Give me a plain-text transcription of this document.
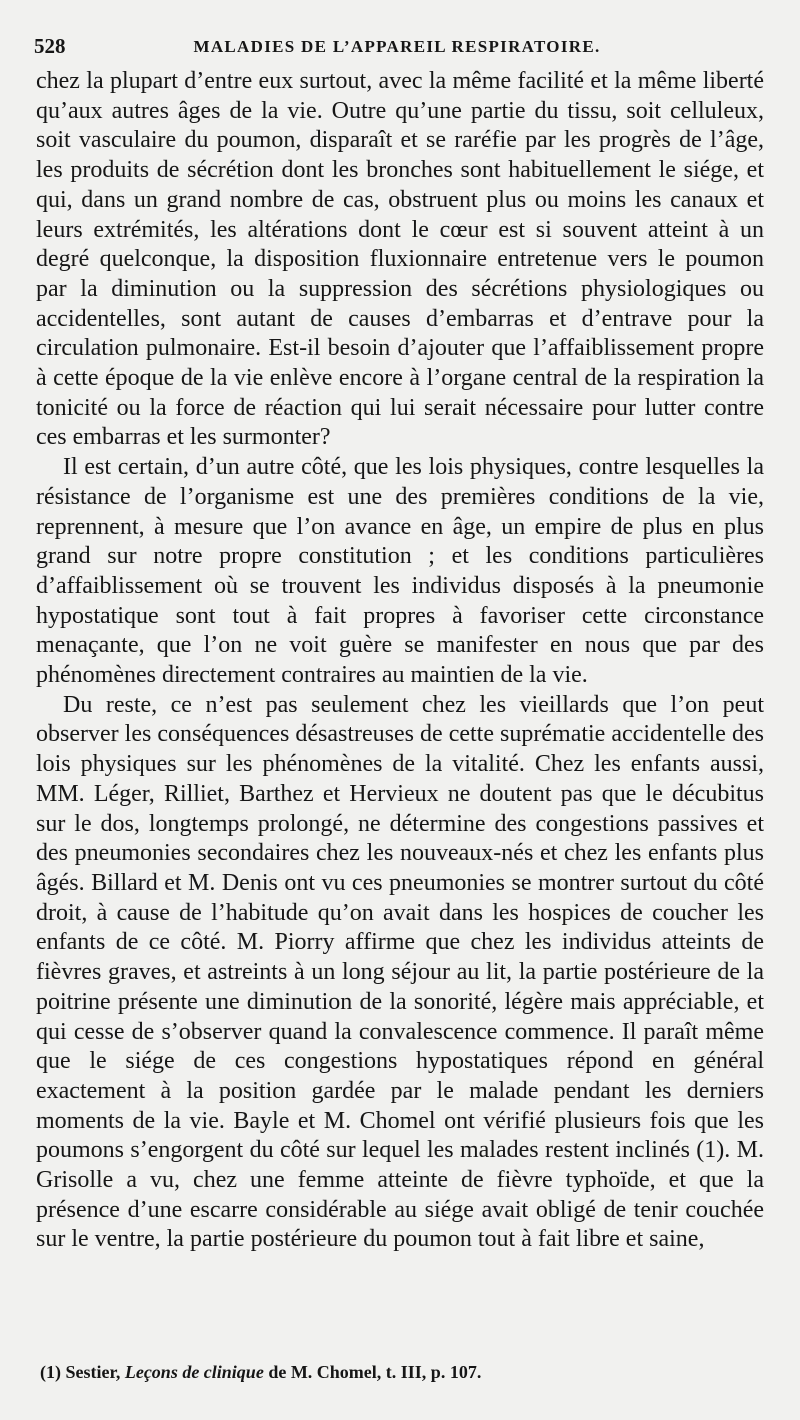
528	MALADIES DE L’APPAREIL RESPIRATOIRE.

chez la plupart d’entre eux surtout, avec la même facilité et la même liberté qu’aux autres âges de la vie. Outre qu’une partie du tissu, soit celluleux, soit vasculaire du poumon, disparaît et se raréfie par les progrès de l’âge, les produits de sécrétion dont les bronches sont habituellement le siége, et qui, dans un grand nombre de cas, obstruent plus ou moins les canaux et leurs extrémités, les altérations dont le cœur est si souvent atteint à un degré quelconque, la disposition fluxionnaire entretenue vers le poumon par la diminution ou la suppression des sécrétions physiologiques ou accidentelles, sont autant de causes d’embarras et d’entrave pour la circulation pulmonaire. Est-il besoin d’ajouter que l’affaiblissement propre à cette époque de la vie enlève encore à l’organe central de la respiration la tonicité ou la force de réaction qui lui serait nécessaire pour lutter contre ces embarras et les surmonter?

Il est certain, d’un autre côté, que les lois physiques, contre lesquelles la résistance de l’organisme est une des premières conditions de la vie, reprennent, à mesure que l’on avance en âge, un empire de plus en plus grand sur notre propre constitution ; et les conditions particulières d’affaiblissement où se trouvent les individus disposés à la pneumonie hypostatique sont tout à fait propres à favoriser cette circonstance menaçante, que l’on ne voit guère se manifester en nous que par des phénomènes directement contraires au maintien de la vie.

Du reste, ce n’est pas seulement chez les vieillards que l’on peut observer les conséquences désastreuses de cette suprématie accidentelle des lois physiques sur les phénomènes de la vitalité. Chez les enfants aussi, MM. Léger, Rilliet, Barthez et Hervieux ne doutent pas que le décubitus sur le dos, longtemps prolongé, ne détermine des congestions passives et des pneumonies secondaires chez les nouveaux-nés et chez les enfants plus âgés. Billard et M. Denis ont vu ces pneumonies se montrer surtout du côté droit, à cause de l’habitude qu’on avait dans les hospices de coucher les enfants de ce côté. M. Piorry affirme que chez les individus atteints de fièvres graves, et astreints à un long séjour au lit, la partie postérieure de la poitrine présente une diminution de la sonorité, légère mais appréciable, et qui cesse de s’observer quand la convalescence commence. Il paraît même que le siége de ces congestions hypostatiques répond en général exactement à la position gardée par le malade pendant les derniers moments de la vie. Bayle et M. Chomel ont vérifié plusieurs fois que les poumons s’engorgent du côté sur lequel les malades restent inclinés (1). M. Grisolle a vu, chez une femme atteinte de fièvre typhoïde, et que la présence d’une escarre considérable au siége avait obligé de tenir couchée sur le ventre, la partie postérieure du poumon tout à fait libre et saine,

(1) Sestier, Leçons de clinique de M. Chomel, t. III, p. 107.
